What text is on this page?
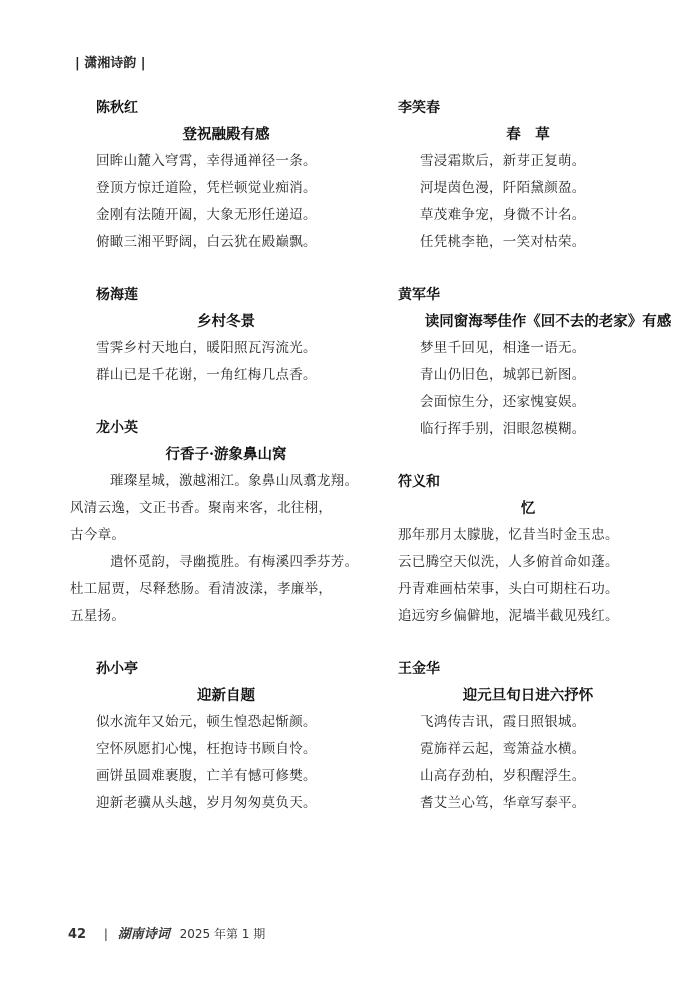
| 潇湘诗韵 |
陈秋红
登祝融殿有感
回眸山麓入穹霄，幸得通禅径一条。
登顶方惊迁道险，凭栏顿觉业痴消。
金刚有法随开阖，大象无形任递迢。
俯瞰三湘平野阔，白云犹在殿巅飘。
杨海莲
乡村冬景
雪霁乡村天地白，暖阳照瓦泻流光。
群山已是千花谢，一角红梅几点香。
龙小英
行香子·游象鼻山窝
璀璨星城，激越湘江。象鼻山凤翥龙翔。
风清云逸，文正书香。聚南来客，北往栩，
古今章。
遣怀觅韵，寻幽揽胜。有梅溪四季芬芳。
杜工屈贾，尽释愁肠。看清波漾，孝廉举，
五星扬。
孙小亭
迎新自题
似水流年又始元，顿生惶恐起惭颜。
空怀夙愿扪心愧，枉抱诗书顾自怜。
画饼虽圆难裹腹，亡羊有憾可修樊。
迎新老骥从头越，岁月匆匆莫负天。
李笑春
春　草
雪浸霜欺后，新芽正复萌。
河堤茵色漫，阡陌黛颜盈。
草茂难争宠，身微不计名。
任凭桃李艳，一笑对枯荣。
黄军华
读同窗海琴佳作《回不去的老家》有感
梦里千回见，相逢一语无。
青山仍旧色，城郭已新图。
会面惊生分，还家愧宴娱。
临行挥手别，泪眼忽模糊。
符义和
忆
那年那月太朦胧，忆昔当时金玉忠。
云已腾空天似洗，人多俯首命如蓬。
丹青难画枯荣事，头白可期柱石功。
追远穷乡偏僻地，泥墙半截见残红。
王金华
迎元旦旬日进六抒怀
飞鸿传吉讯，霞日照银城。
霓旆祥云起，鸾箫益水横。
山高存劲柏，岁积醒浮生。
耆艾兰心笃，华章写泰平。
42 | 湖南诗词 2025 年第 1 期
